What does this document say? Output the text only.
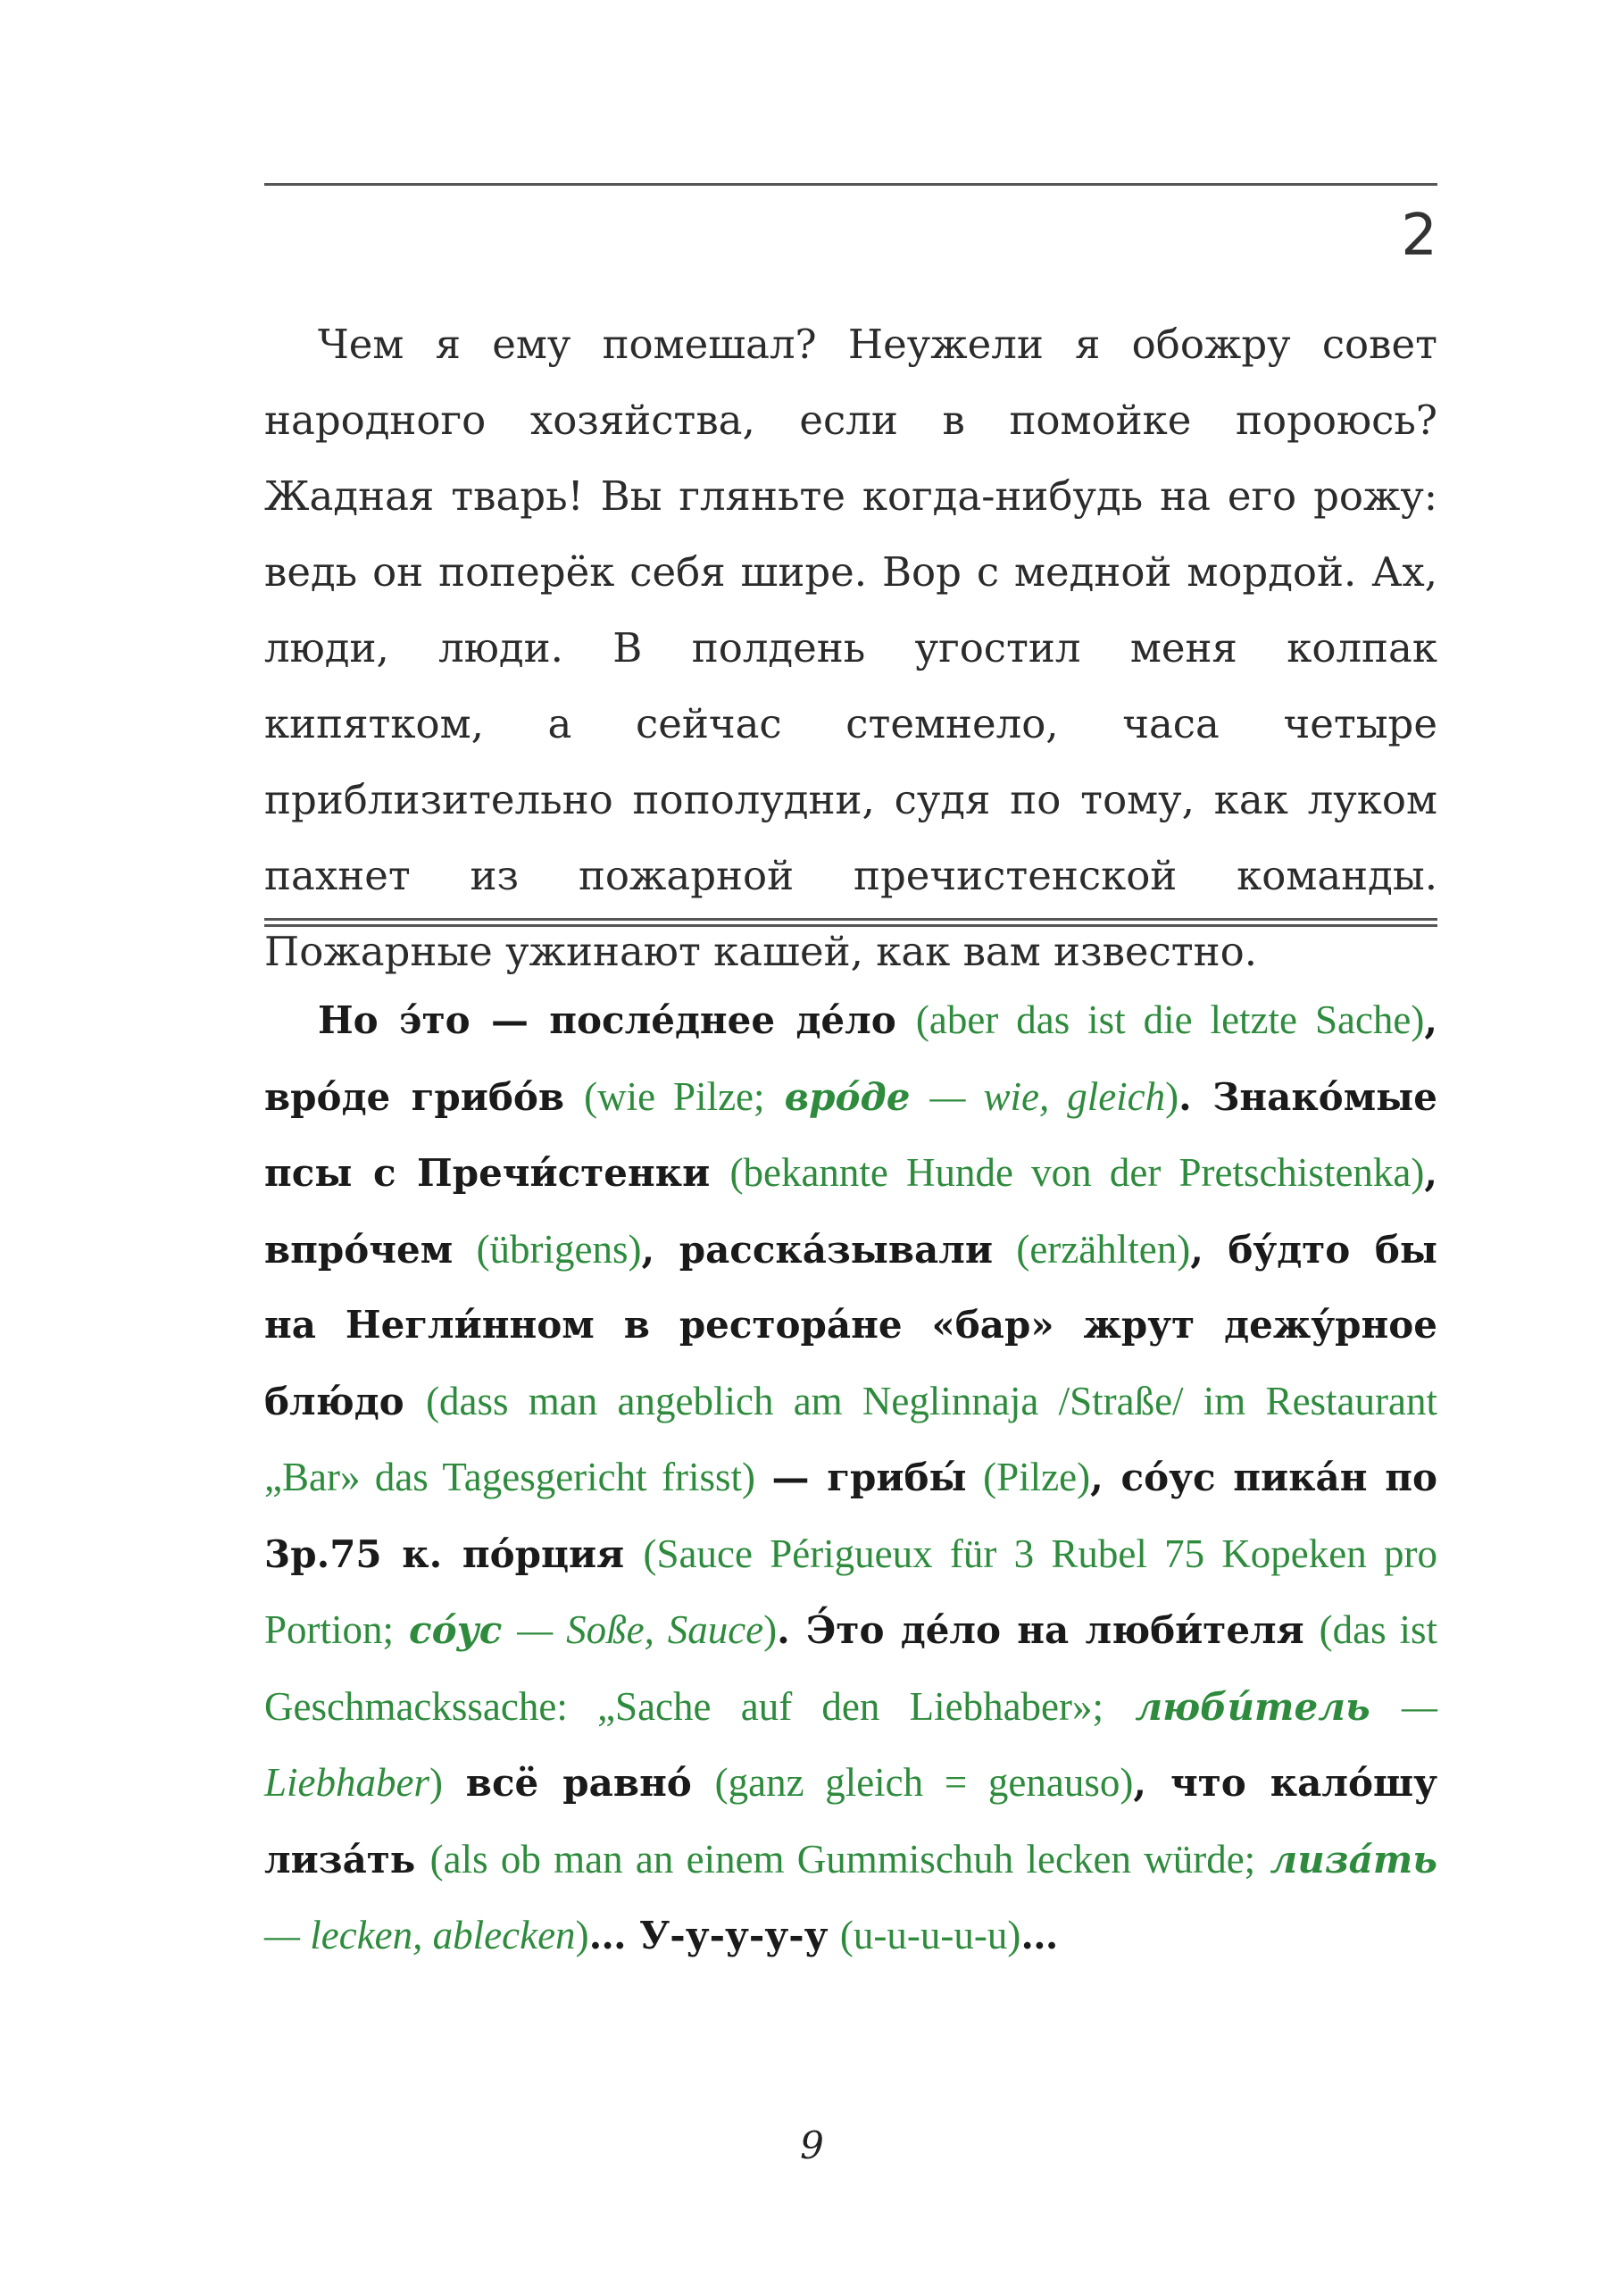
2

Чем я ему помешал? Неужели я обожру совет народного хозяйства, если в помойке пороюсь? Жадная тварь! Вы гляньте когда-нибудь на его рожу: ведь он поперёк себя шире. Вор с медной мордой. Ах, люди, люди. В полдень угостил меня колпак кипятком, а сейчас стемнело, часа четыре приблизительно пополудни, судя по тому, как луком пахнет из пожарной пречистенской команды. Пожарные ужинают кашей, как вам известно.

Но э́то — после́днее де́ло (aber das ist die letzte Sache), вро́де грибо́в (wie Pilze; вро́де — wie, gleich). Знако́мые псы с Пречи́стенки (bekannte Hunde von der Pretschistenka), впро́чем (übrigens), расска́зывали (erzählten), бу́дто бы на Негли́нном в ресторáне «бар» жрут дежу́рное блю́до (dass man angeblich am Neglinnaja /Straße/ im Restaurant „Bar» das Tagesgericht frisst) — грибы́ (Pilze), со́ус пика́н по 3р.75 к. по́рция (Sauce Périgueux für 3 Rubel 75 Kopeken pro Portion; со́ус — Soße, Sauce). Э́то де́ло на люби́теля (das ist Geschmackssache: „Sache auf den Liebhaber»; люби́тель — Liebhaber) всё равно́ (ganz gleich = genauso), что кало́шу лиза́ть (als ob man an einem Gummischuh lecken würde; лиза́ть — lecken, ablecken)… У-у-у-у-у (u-u-u-u-u)…

9
